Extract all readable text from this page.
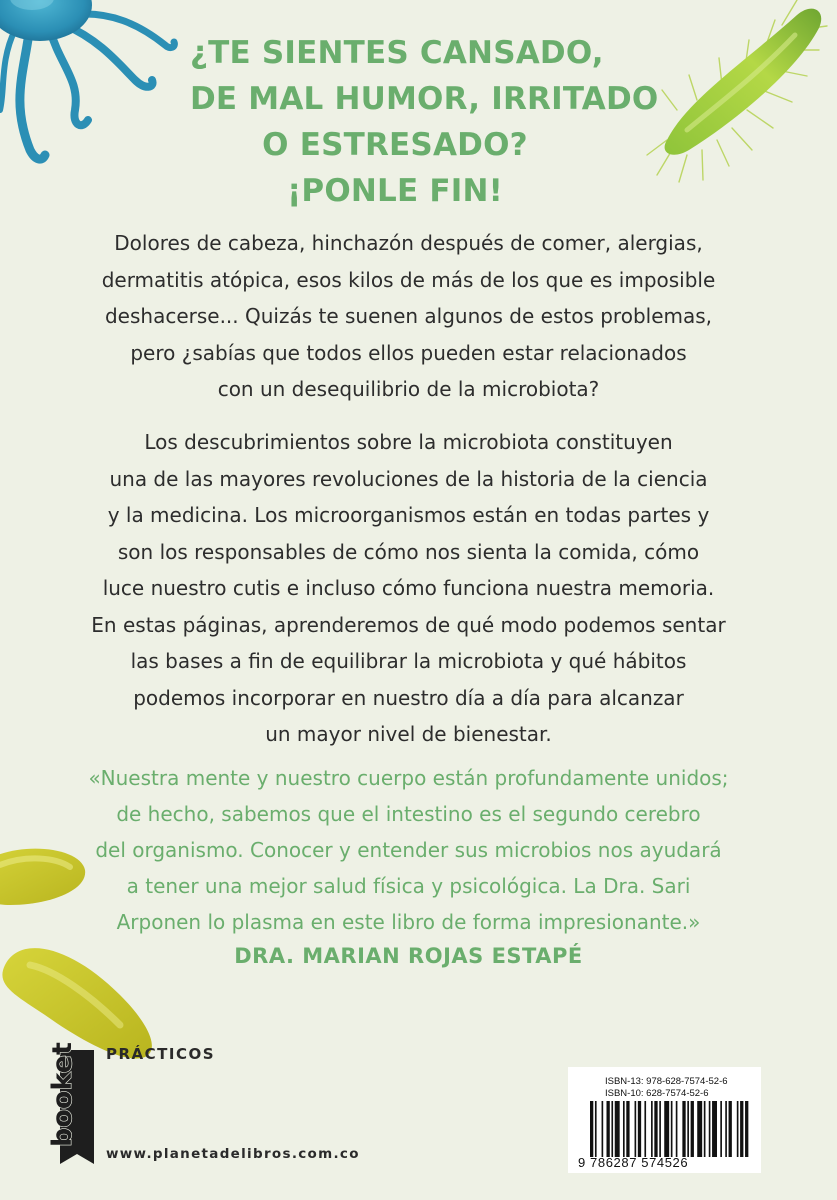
¿TE SIENTES CANSADO,
DE MAL HUMOR, IRRITADO
O ESTRESADO?
¡PONLE FIN!
Dolores de cabeza, hinchazón después de comer, alergias,
dermatitis atópica, esos kilos de más de los que es imposible
deshacerse... Quizás te suenen algunos de estos problemas,
pero ¿sabías que todos ellos pueden estar relacionados
con un desequilibrio de la microbiota?
Los descubrimientos sobre la microbiota constituyen
una de las mayores revoluciones de la historia de la ciencia
y la medicina. Los microorganismos están en todas partes y
son los responsables de cómo nos sienta la comida, cómo
luce nuestro cutis e incluso cómo funciona nuestra memoria.
En estas páginas, aprenderemos de qué modo podemos sentar
las bases a fin de equilibrar la microbiota y qué hábitos
podemos incorporar en nuestro día a día para alcanzar
un mayor nivel de bienestar.
«Nuestra mente y nuestro cuerpo están profundamente unidos;
de hecho, sabemos que el intestino es el segundo cerebro
del organismo. Conocer y entender sus microbios nos ayudará
a tener una mejor salud física y psicológica. La Dra. Sari
Arponen lo plasma en este libro de forma impresionante.»
DRA. MARIAN ROJAS ESTAPÉ
booket PRÁCTICOS
www.planetadelibros.com.co
ISBN-13: 978-628-7574-52-6
ISBN-10: 628-7574-52-6
9 786287 574526
